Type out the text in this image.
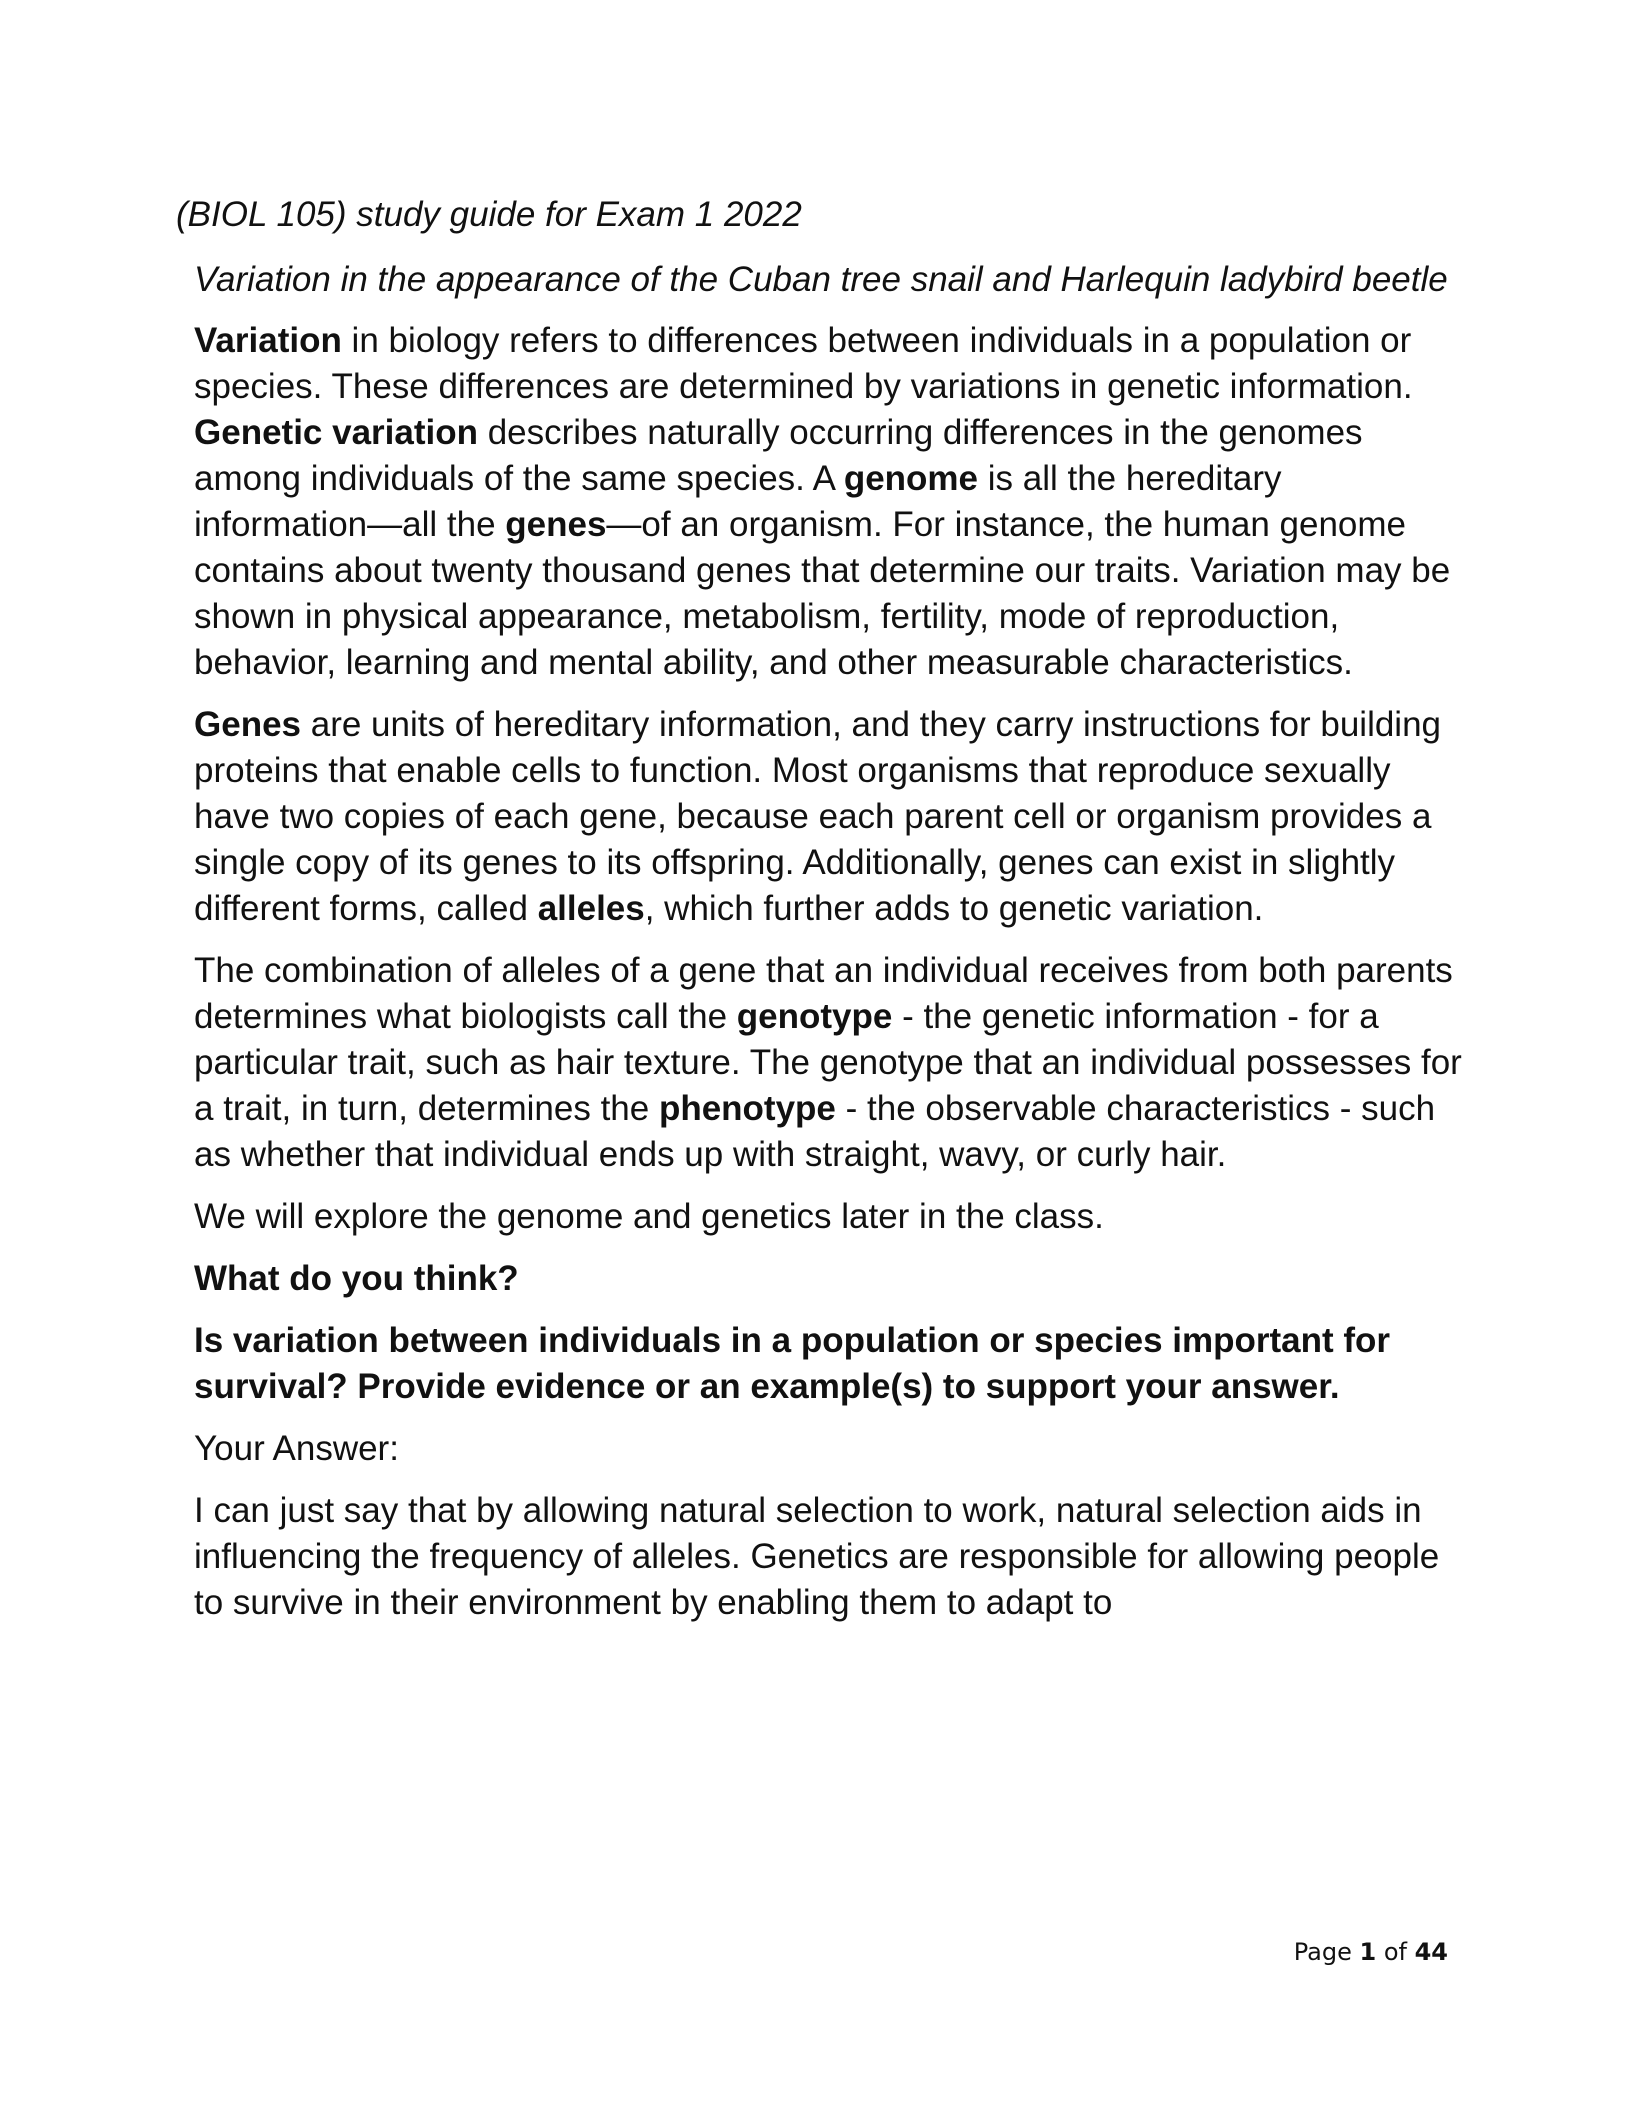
(BIOL 105) study guide for Exam 1 2022
Variation in the appearance of the Cuban tree snail and Harlequin ladybird beetle

Variation in biology refers to differences between individuals in a population or species. These differences are determined by variations in genetic information. Genetic variation describes naturally occurring differences in the genomes among individuals of the same species. A genome is all the hereditary information—all the genes—of an organism. For instance, the human genome contains about twenty thousand genes that determine our traits. Variation may be shown in physical appearance, metabolism, fertility, mode of reproduction, behavior, learning and mental ability, and other measurable characteristics.

Genes are units of hereditary information, and they carry instructions for building proteins that enable cells to function. Most organisms that reproduce sexually have two copies of each gene, because each parent cell or organism provides a single copy of its genes to its offspring. Additionally, genes can exist in slightly different forms, called alleles, which further adds to genetic variation.

The combination of alleles of a gene that an individual receives from both parents determines what biologists call the genotype - the genetic information - for a particular trait, such as hair texture. The genotype that an individual possesses for a trait, in turn, determines the phenotype - the observable characteristics - such as whether that individual ends up with straight, wavy, or curly hair.

We will explore the genome and genetics later in the class.

What do you think?
Is variation between individuals in a population or species important for survival? Provide evidence or an example(s) to support your answer.

Your Answer:

I can just say that by allowing natural selection to work, natural selection aids in influencing the frequency of alleles. Genetics are responsible for allowing people to survive in their environment by enabling them to adapt to

Page 1 of 44
